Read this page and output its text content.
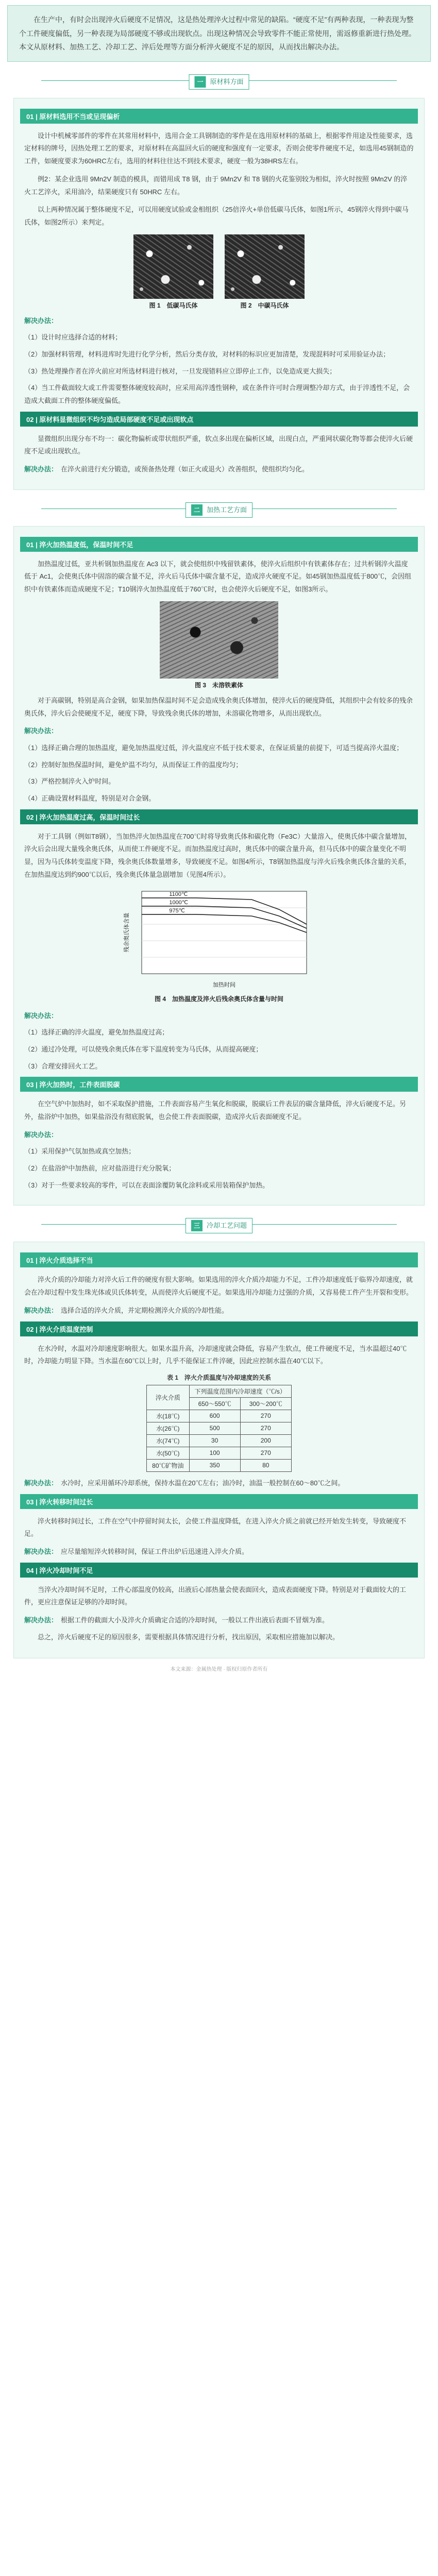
在生产中，有时会出现淬火后硬度不足情况，这是热处理淬火过程中常见的缺陷。“硬度不足”有两种表现，一种表现为整个工件硬度偏低，另一种表现为局部硬度不够或出现软点。出现这种情况会导致零件不能正常使用，需返修重新进行热处理。本文从原材料、加热工艺、冷却工艺、淬后处理等方面分析淬火硬度不足的原因，从而找出解决办法。
一 原材料方面
01 | 原材料选用不当或呈现偏析

设计中机械零部件的零件在其常用材料中，选用合金工具钢制造的零件是在选用原材料的基础上，根据零件用途及性能要求，选定材料的牌号，因热处理工艺的要求，对原材料在高温回火后的硬度和强度有一定要求，否则会使零件硬度不足，如选用45钢制造的工件，如硬度要求为60HRC左右，选用的材料往往达不到技术要求，硬度一般为38HRS左右。

例2：某企业选用 9Mn2V 制造的模具，而错用成 T8 钢，由于 9Mn2V 和 T8 钢的火花鉴别较为相似，淬火时按照 9Mn2V 的淬火工艺淬火，采用油冷，结果硬度只有 50HRC 左右。

以上两种情况属于整体硬度不足，可以用硬度试验或金相组织（25倍淬火+单倍低碳马氏体，如图1所示，45钢淬火得到中碳马氏体，如图2所示）来判定。

图 1　低碳马氏体	图 2　中碳马氏体

解决办法：

（1）设计时应选择合适的材料；

（2）加强材料管理，材料进库时先进行化学分析，然后分类存放，对材料的标识应更加清楚，发现混料时可采用验证办法；

（3）热处理操作者在淬火前应对所选材料进行核对，一旦发现错料应立即停止工作，以免造成更大损失；

（4）当工件截面较大或工件需要整体硬度较高时，应采用高淬透性钢种，或在条件许可时合理调整冷却方式，由于淬透性不足，会造成大截面工件的整体硬度偏低。

02 | 原材料显微组织不均匀造成局部硬度不足或出现软点

显微组织出现分布不均一：碳化物偏析或带状组织严重，软点多出现在偏析区域，出现白点，严重网状碳化物等都会使淬火后硬度不足或出现软点。

解决办法： 在淬火前进行充分锻造，或预备热处理（如正火或退火）改善组织，使组织均匀化。

二 加热工艺方面
01 | 淬火加热温度低，保温时间不足

加热温度过低，亚共析钢加热温度在 Ac3 以下，就会使组织中残留铁素体，使淬火后组织中有铁素体存在；过共析钢淬火温度低于 Ac1，会使奥氏体中固溶的碳含量不足，淬火后马氏体中碳含量不足，造成淬火硬度不足。如45钢加热温度低于800℃，会因组织中有铁素体而造成硬度不足；T10钢淬火加热温度低于760℃时，也会使淬火后硬度不足，如图3所示。

图 3　未溶铁素体

对于高碳钢，特别是高合金钢，如果加热保温时间不足会造成残余奥氏体增加，使淬火后的硬度降低，其组织中会有较多的残余奥氏体，淬火后会使硬度不足，硬度下降，导致残余奥氏体的增加，未溶碳化物增多，从而出现软点。

解决办法：

（1）选择正确合理的加热温度，避免加热温度过低，淬火温度应不低于技术要求，在保证质量的前提下，可适当提高淬火温度；

（2）控制好加热保温时间，避免炉温不均匀，从而保证工件的温度均匀；

（3）严格控制淬火入炉时间。

（4）正确设置材料温度，特别是对合金钢。

02 | 淬火加热温度过高，保温时间过长

对于工具钢（例如T8钢），当加热淬火加热温度在700℃时将导致奥氏体和碳化物（Fe3C）大量溶入，使奥氏体中碳含量增加，淬火后会出现大量残余奥氏体，从而使工件硬度不足。而加热温度过高时，奥氏体中的碳含量升高，但马氏体中的碳含量变化不明显，因为马氏体转变温度下降，残余奥氏体数量增多，导致硬度不足。如图4所示，T8钢加热温度与淬火后残余奥氏体含量的关系，在加热温度达到约900℃以后，残余奥氏体量急剧增加（见图4所示）。

1100℃
1000℃
975℃
加热时间
残余奥氏体含量
图 4　加热温度及淬火后残余奥氏体含量与时间

解决办法：

（1）选择正确的淬火温度，避免加热温度过高；

（2）通过冷处理，可以使残余奥氏体在零下温度转变为马氏体，从而提高硬度；

（3）合理安排回火工艺。

03 | 淬火加热时，工件表面脱碳

在空气炉中加热时，如不采取保护措施，工件表面容易产生氧化和脱碳，脱碳后工件表层的碳含量降低，淬火后硬度不足。另外，盐浴炉中加热，如果盐浴没有彻底脱氧，也会使工件表面脱碳，造成淬火后表面硬度不足。

解决办法：

（1）采用保护气氛加热或真空加热；

（2）在盐浴炉中加热前，应对盐浴进行充分脱氧；

（3）对于一些要求较高的零件，可以在表面涂覆防氧化涂料或采用装箱保护加热。

三 冷却工艺问题
01 | 淬火介质选择不当

淬火介质的冷却能力对淬火后工件的硬度有很大影响。如果选用的淬火介质冷却能力不足，工件冷却速度低于临界冷却速度，就会在冷却过程中发生珠光体或贝氏体转变，从而使淬火后硬度不足。如果选用冷却能力过强的介质，又容易使工件产生开裂和变形。

解决办法： 选择合适的淬火介质，并定期检测淬火介质的冷却性能。

02 | 淬火介质温度控制

在水冷时，水温对冷却速度影响很大。如果水温升高，冷却速度就会降低，容易产生软点，使工件硬度不足，当水温超过40℃时，冷却能力明显下降。当水温在60℃以上时，几乎不能保证工件淬硬，因此应控制水温在40℃以下。

表 1　淬火介质温度与冷却速度的关系
淬火介质	下列温度范围内冷却速度（℃/s）	
	650～550℃	300～200℃
水(18℃)	600	270
水(26℃)	500	270
水(74℃)	30	200
水(50℃)	100	270
80℃矿物油	350	80

解决办法： 水冷时，应采用循环冷却系统，保持水温在20℃左右；油冷时，油温一般控制在60～80℃之间。

03 | 淬火转移时间过长

淬火转移时间过长，工件在空气中停留时间太长，会使工件温度降低，在进入淬火介质之前就已经开始发生转变，导致硬度不足。

解决办法： 应尽量缩短淬火转移时间，保证工件出炉后迅速进入淬火介质。

04 | 淬火冷却时间不足

当淬火冷却时间不足时，工件心部温度仍较高，出液后心部热量会使表面回火，造成表面硬度下降。特别是对于截面较大的工件，更应注意保证足够的冷却时间。

解决办法： 根据工件的截面大小及淬火介质确定合适的冷却时间，一般以工件出液后表面不冒烟为准。

总之，淬火后硬度不足的原因很多，需要根据具体情况进行分析，找出原因，采取相应措施加以解决。

本文来源：金属热处理 · 版权归原作者所有
